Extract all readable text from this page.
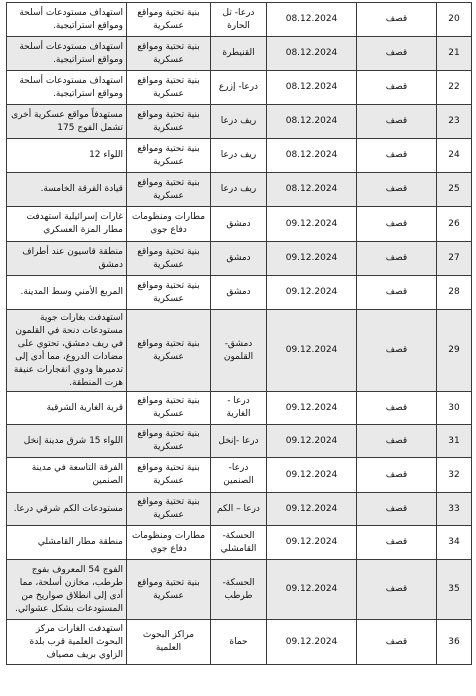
استهداف مستودعات أسلحة ومواقع استراتيجية.	بنية تحتية ومواقع عسكرية	درعا- تل الحارة	08.12.2024	قصف	20
استهداف مستودعات أسلحة ومواقع استراتيجية.	بنية تحتية ومواقع عسكرية	القنيطرة	08.12.2024	قصف	21
استهداف مستودعات أسلحة ومواقع استراتيجية.	بنية تحتية ومواقع عسكرية	درعا- إزرع	08.12.2024	قصف	22
مستهدفاً مواقع عسكرية أخرى تشمل الفوج 175	بنية تحتية ومواقع عسكرية	ريف درعا	08.12.2024	قصف	23
اللواء 12	بنية تحتية ومواقع عسكرية	ريف درعا	08.12.2024	قصف	24
قيادة الفرقة الخامسة.	بنية تحتية ومواقع عسكرية	ريف درعا	08.12.2024	قصف	25
غارات إسرائيلية استهدفت مطار المزة العسكري	مطارات ومنظومات دفاع جوي	دمشق	09.12.2024	قصف	26
منطقة قاسيون عند أطراف دمشق	بنية تحتية ومواقع عسكرية	دمشق	09.12.2024	قصف	27
المربع الأمني وسط المدينة.	بنية تحتية ومواقع عسكرية	دمشق	09.12.2024	قصف	28
استهدفت بغارات جوية مستودعات دنحة في القلمون في ريف دمشق، تحتوي على مضادات الدروع، مما أدى إلى تدميرها ودوي انفجارات عنيفة هزت المنطقة.	بنية تحتية ومواقع عسكرية	دمشق- القلمون	09.12.2024	قصف	29
قرية الغارية الشرقية	بنية تحتية ومواقع عسكرية	درعا - الغارية	09.12.2024	قصف	30
اللواء 15 شرق مدينة إنخل	بنية تحتية ومواقع عسكرية	درعا -إنخل	09.12.2024	قصف	31
الفرقة التاسعة في مدينة الصنمين	بنية تحتية ومواقع عسكرية	درعا- الصنمين	09.12.2024	قصف	32
مستودعات الكم شرقي درعا.	بنية تحتية ومواقع عسكرية	درعا – الكم	09.12.2024	قصف	33
منطقة مطار القامشلي	مطارات ومنظومات دفاع جوي	الحسكة- القامشلي	09.12.2024	قصف	34
الفوج 54 المعروف بفوج طرطب، مخازن أسلحة، مما أدى إلى انطلاق صواريخ من المستودعات بشكل عشوائي.	بنية تحتية ومواقع عسكرية	الحسكة- طرطب	09.12.2024	قصف	35
استهدفت الغارات مركز البحوث العلمية قرب بلدة الزاوي بريف مصياف	مراكز البحوث العلمية	حماة	09.12.2024	قصف	36
